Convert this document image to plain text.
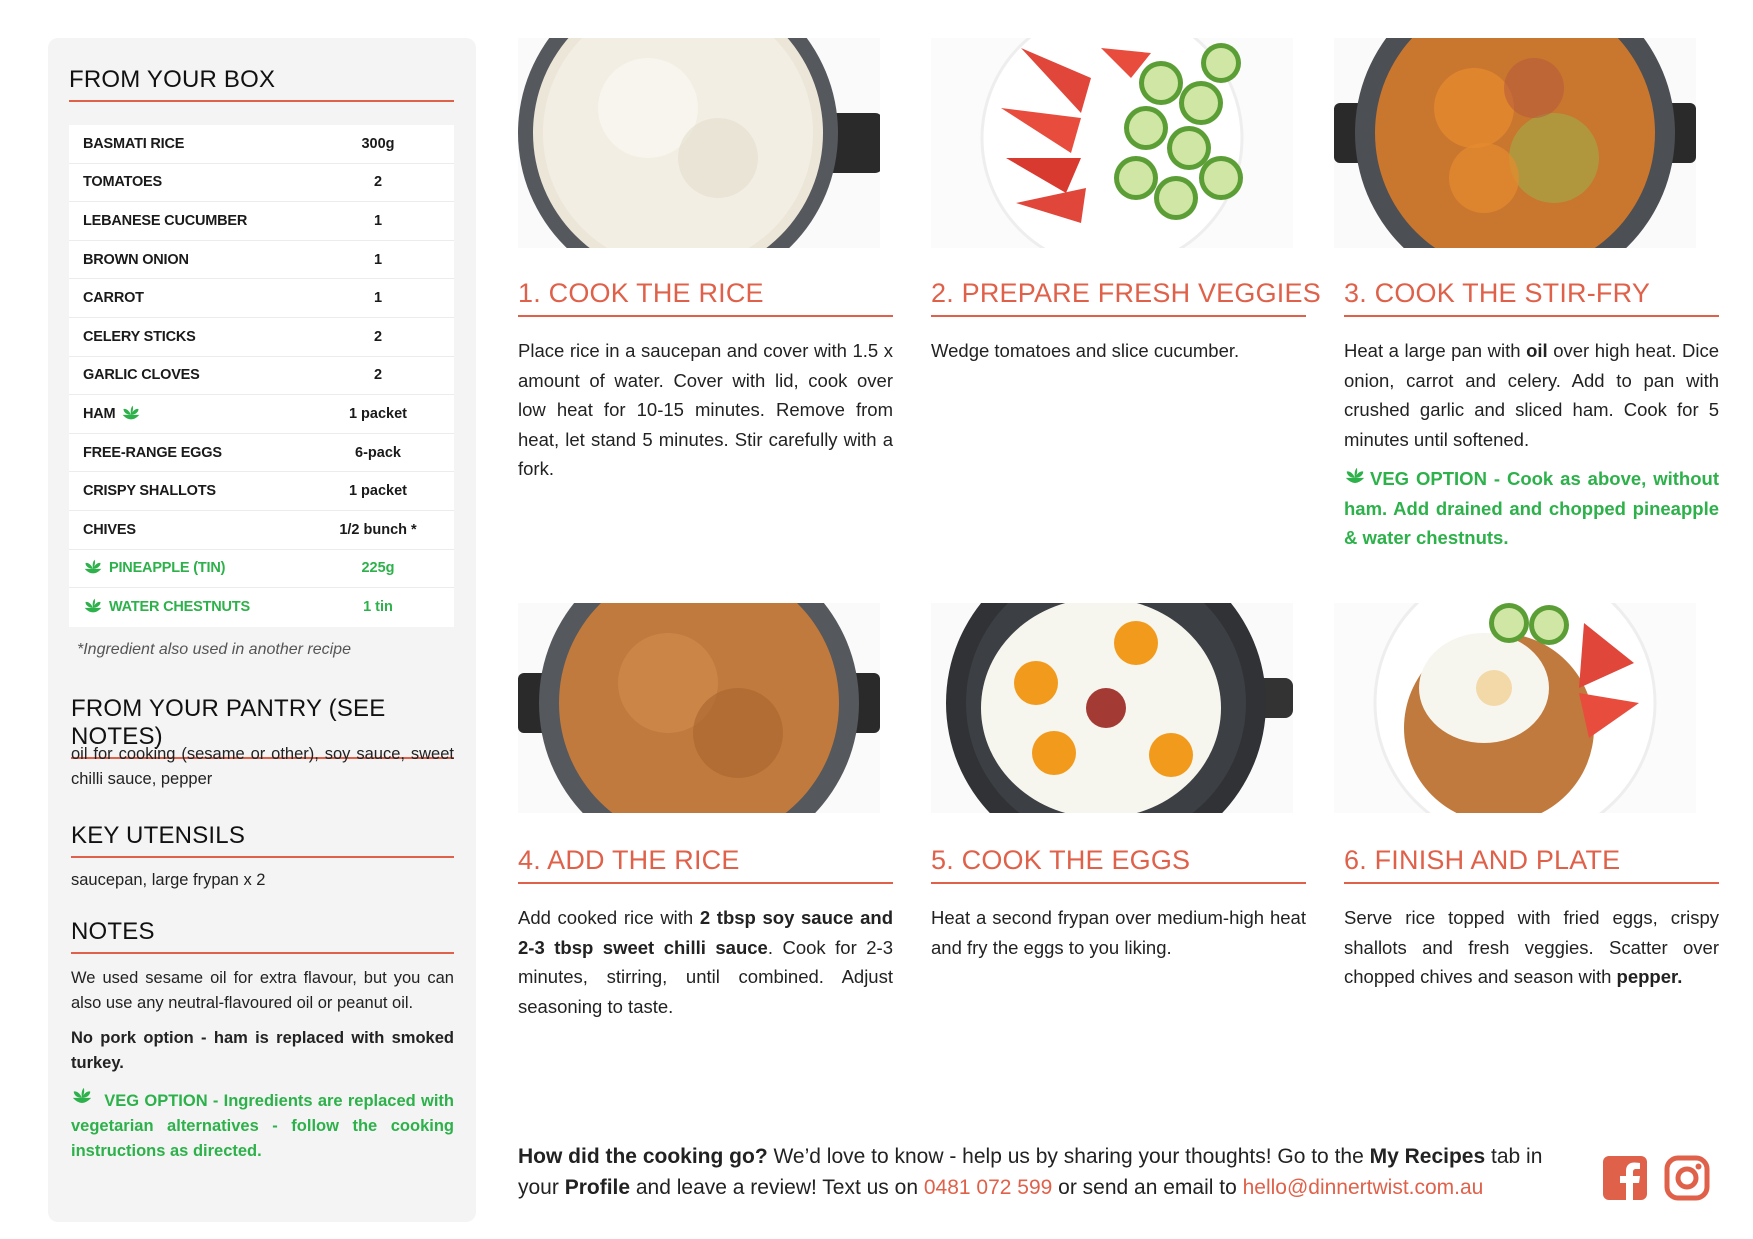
FROM YOUR BOX
BASMATI RICE	300g
TOMATOES	2
LEBANESE CUCUMBER	1
BROWN ONION	1
CARROT	1
CELERY STICKS	2
GARLIC CLOVES	2
HAM	1 packet
FREE-RANGE EGGS	6-pack
CRISPY SHALLOTS	1 packet
CHIVES	1/2 bunch *
PINEAPPLE (TIN)	225g
WATER CHESTNUTS	1 tin
*Ingredient also used in another recipe
FROM YOUR PANTRY (SEE NOTES)
oil for cooking (sesame or other), soy sauce, sweet chilli sauce, pepper
KEY UTENSILS
saucepan, large frypan x 2
NOTES
We used sesame oil for extra flavour, but you can also use any neutral-flavoured oil or peanut oil.
No pork option - ham is replaced with smoked turkey.
VEG OPTION - Ingredients are replaced with vegetarian alternatives - follow the cooking instructions as directed.
1. COOK THE RICE
Place rice in a saucepan and cover with 1.5 x amount of water. Cover with lid, cook over low heat for 10-15 minutes. Remove from heat, let stand 5 minutes. Stir carefully with a fork.
2. PREPARE FRESH VEGGIES
Wedge tomatoes and slice cucumber.
3. COOK THE STIR-FRY
Heat a large pan with oil over high heat. Dice onion, carrot and celery. Add to pan with crushed garlic and sliced ham. Cook for 5 minutes until softened.
VEG OPTION - Cook as above, without ham. Add drained and chopped pineapple & water chestnuts.
4. ADD THE RICE
Add cooked rice with 2 tbsp soy sauce and 2-3 tbsp sweet chilli sauce. Cook for 2-3 minutes, stirring, until combined. Adjust seasoning to taste.
5. COOK THE EGGS
Heat a second frypan over medium-high heat and fry the eggs to you liking.
6. FINISH AND PLATE
Serve rice topped with fried eggs, crispy shallots and fresh veggies. Scatter over chopped chives and season with pepper.
How did the cooking go? We’d love to know - help us by sharing your thoughts! Go to the My Recipes tab in your Profile and leave a review! Text us on 0481 072 599 or send an email to hello@dinnertwist.com.au
